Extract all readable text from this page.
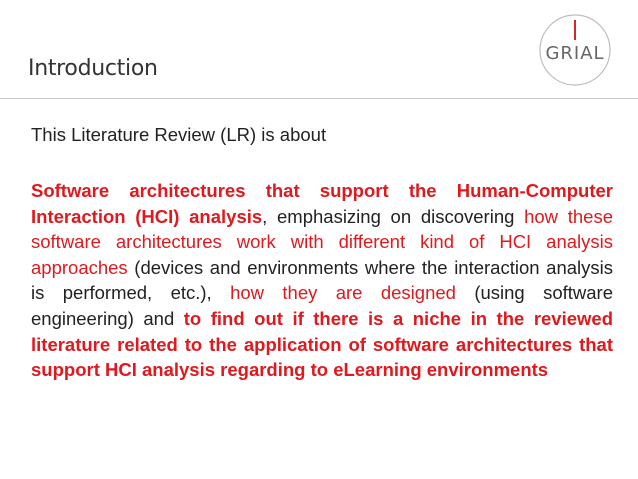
Introduction
GRIAL
This Literature Review (LR) is about
Software architectures that support the Human-Computer Interaction (HCI) analysis, emphasizing on discovering how these software architectures work with different kind of HCI analysis approaches (devices and environments where the interaction analysis is performed, etc.), how they are designed (using software engineering) and to find out if there is a niche in the reviewed literature related to the application of software architectures that support HCI analysis regarding to eLearning environments
